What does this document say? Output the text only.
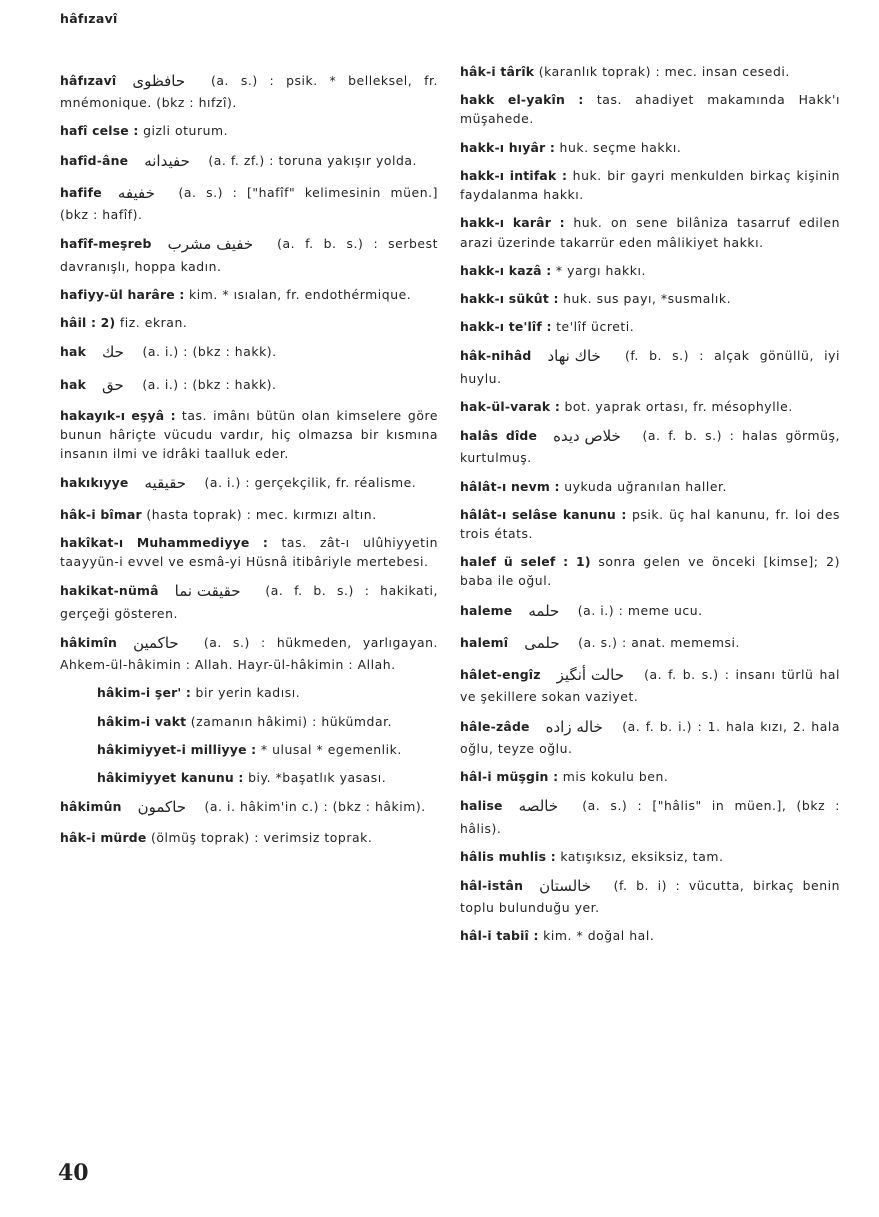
hâfızavî
hâfızavî حافظوى (a. s.) : psik. * belleksel, fr. mnémonique. (bkz : hıfzî).
hafî celse : gizli oturum.
hafîd-âne حفيدانه (a. f. zf.) : toruna yakışır yolda.
hafife خفيفه (a. s.) : ["hafîf" kelimesinin müen.] (bkz : hafîf).
hafîf-meşreb خفيف مشرب (a. f. b. s.) : serbest davranışlı, hoppa kadın.
hafiyy-ül harâre : kim. * ısıalan, fr. endothérmique.
hâil : 2) fiz. ekran.
hak حك (a. i.) : (bkz : hakk).
hak حق (a. i.) : (bkz : hakk).
hakayık-ı eşyâ : tas. imânı bütün olan kimselere göre bunun hâriçte vücudu vardır, hiç olmazsa bir kısmına insanın ilmi ve idrâki taalluk eder.
hakıkıyye حقيقيه (a. i.) : gerçekçilik, fr. réalisme.
hâk-i bîmar (hasta toprak) : mec. kırmızı altın.
hakîkat-ı Muhammediyye : tas. zât-ı ulûhiyyetin taayyün-i evvel ve esmâ-yi Hüsnâ itibâriyle mertebesi.
hakikat-nümâ حقيقت نما (a. f. b. s.) : hakikati, gerçeği gösteren.
hâkimîn حاكمين (a. s.) : hükmeden, yarlıgayan. Ahkem-ül-hâkimin : Allah. Hayr-ül-hâkimin : Allah.
hâkim-i şer' : bir yerin kadısı.
hâkim-i vakt (zamanın hâkimi) : hükümdar.
hâkimiyyet-i milliyye : * ulusal * egemenlik.
hâkimiyyet kanunu : biy. *başatlık yasası.
hâkimûn حاكمون (a. i. hâkim'in c.) : (bkz : hâkim).
hâk-i mürde (ölmüş toprak) : verimsiz toprak.
hâk-i târîk (karanlık toprak) : mec. insan cesedi.
hakk el-yakîn : tas. ahadiyet makamında Hakk'ı müşahede.
hakk-ı hıyâr : huk. seçme hakkı.
hakk-ı intifak : huk. bir gayri menkulden birkaç kişinin faydalanma hakkı.
hakk-ı karâr : huk. on sene bilâniza tasarruf edilen arazi üzerinde takarrür eden mâlikiyet hakkı.
hakk-ı kazâ : * yargı hakkı.
hakk-ı sükût : huk. sus payı, *susmalık.
hakk-ı te'lîf : te'lîf ücreti.
hâk-nihâd خاك نهاد (f. b. s.) : alçak gönüllü, iyi huylu.
hak-ül-varak : bot. yaprak ortası, fr. mésophylle.
halâs dîde خلاص ديده (a. f. b. s.) : halas görmüş, kurtulmuş.
hâlât-ı nevm : uykuda uğranılan haller.
hâlât-ı selâse kanunu : psik. üç hal kanunu, fr. loi des trois états.
halef ü selef : 1) sonra gelen ve önceki [kimse]; 2) baba ile oğul.
haleme حلمه (a. i.) : meme ucu.
halemî حلمى (a. s.) : anat. mememsi.
hâlet-engîz حالت أنگيز (a. f. b. s.) : insanı türlü hal ve şekillere sokan vaziyet.
hâle-zâde خاله زاده (a. f. b. i.) : 1. hala kızı, 2. hala oğlu, teyze oğlu.
hâl-i müşgin : mis kokulu ben.
halise خالصه (a. s.) : ["hâlis" in müen.], (bkz : hâlis).
hâlis muhlis : katışıksız, eksiksiz, tam.
hâl-istân خالستان (f. b. i) : vücutta, birkaç benin toplu bulunduğu yer.
hâl-i tabiî : kim. * doğal hal.
40
